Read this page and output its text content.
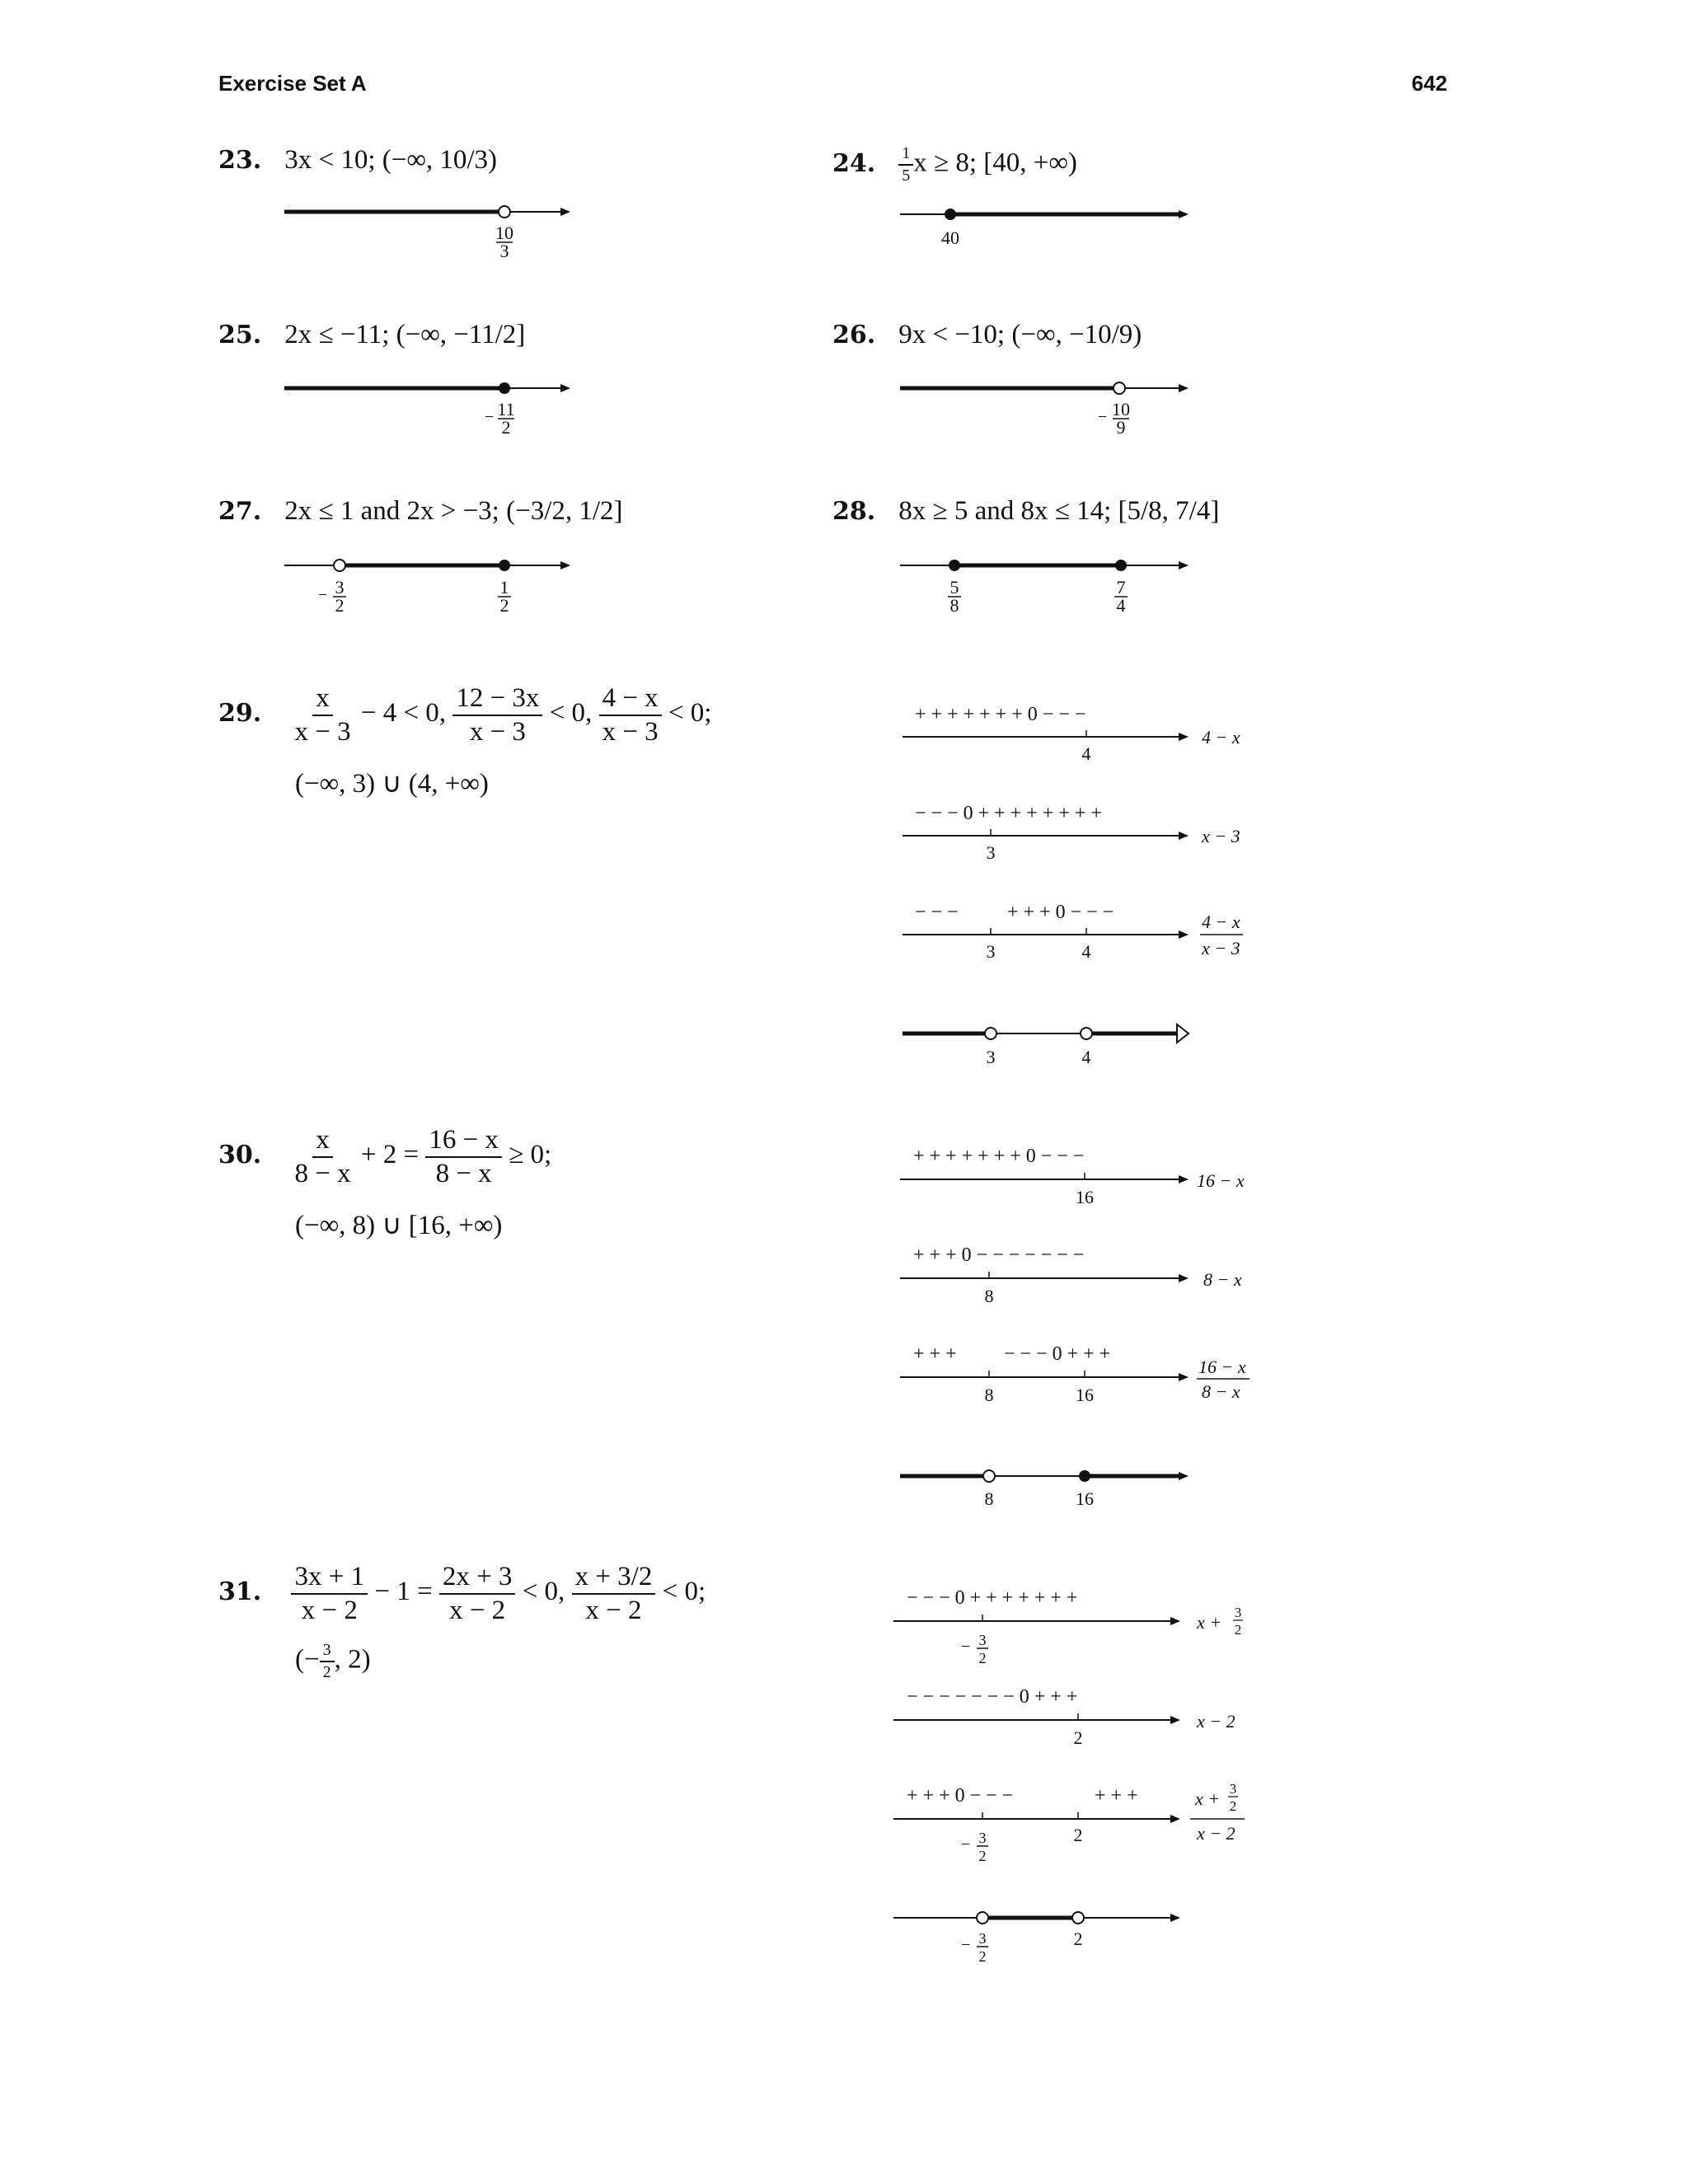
Exercise Set A	642
23. 3x < 10; (−∞, 10/3)	24. $\frac{1}{5}$ x ≥ 8; [40, +∞)
25. 2x ≤ −11; (−∞, −11/2]	26. 9x < −10; (−∞, −10/9)
27. 2x ≤ 1 and 2x > −3; (−3/2, 1/2]	28. 8x ≥ 5 and 8x ≤ 14; [5/8, 7/4]
29. $\frac{x}{x - 3} - 4 < 0$, $\frac{12 - 3x}{x - 3} < 0$, $\frac{4 - x}{x - 3} < 0$;
(−∞, 3) ∪ (4, +∞)
30. $\frac{x}{8 - x} + 2 = \frac{16 - x}{8 - x} \ge 0$;
(−∞, 8) ∪ [16, +∞)
31. $\frac{3x + 1}{x - 2} - 1 = \frac{2x + 3}{x - 2} < 0$, $\frac{x + 3/2}{x - 2} < 0$;
(− $\frac{3}{2}$ , 2)
10
3
40
− 11
2	− 10
9
− 3
2
1
2
5
8
7
4
+ + + + + + + 0 − − −
4
4 − x
− − − 0 + + + + + + + +
3
x − 3
− − − + + + 0 − − −
3	4
4 − x
x − 3
3	4
+ + + + + + + 0 − − −
16
16 − x
+ + + 0 − − − − − − −
8
8 − x
+ + + − − − 0 + + +
8	16
16 − x
8 − x
8	16
− − − 0 + + + + + + +
− 3
2
x + 3
2
− − − − − − − 0 + + +
2
x − 2
+ + + 0 − − −	+ + +
− 3
2
2
x + 3
2
x − 2
− 3
2
2
